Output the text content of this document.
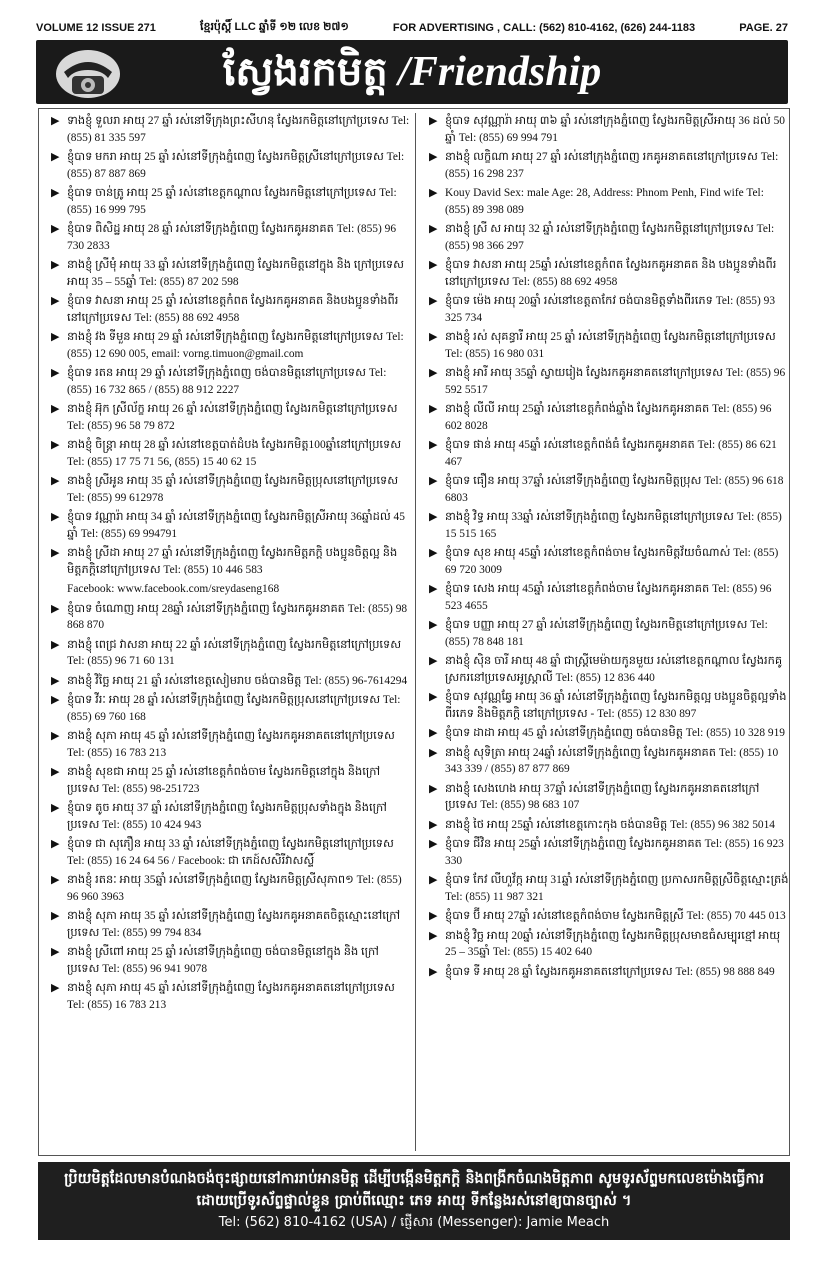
VOLUME 12 ISSUE 271	ខ្មែរប៉ុស្តិ៍ LLC ឆ្នាំទី ១២ លេខ ២៧១	FOR ADVERTISING , CALL: (562) 810-4162, (626) 244-1183	PAGE. 27
ស្វែងរកមិត្ត /Friendship
▶ ទាងខ្ញុំ ទួលរា អាយុ 27 ឆ្នាំ រស់នៅទីក្រុងព្រះសីហនុ ស្វែងរកមិត្តនៅក្រៅប្រទេស Tel: (855) 81 335 597
▶ ខ្ញុំបាទ មករា អាយុ 25 ឆ្នាំ រស់នៅទីក្រុងភ្នំពេញ ស្វែងរកមិត្តស្រីនៅក្រៅប្រទេស Tel: (855) 87 887 869
▶ ខ្ញុំបាទ ចាន់ត្រូ អាយុ 25 ឆ្នាំ រស់នៅខេត្តកណ្ដាល ស្វែងរកមិត្តនៅក្រៅប្រទេស Tel: (855) 16 999 795
▶ ខ្ញុំបាទ ពិសិដ្ឋ អាយុ 28 ឆ្នាំ រស់នៅទីក្រុងភ្នំពេញ ស្វែងរកគូអនាគត Tel: (855) 96 730 2833
▶ នាងខ្ញុំ ស្រីមុំ អាយុ 33 ឆ្នាំ រស់នៅទីក្រុងភ្នំពេញ ស្វែងរកមិត្តនៅក្នុង និង ក្រៅប្រទេស អាយុ 35 – 55ឆ្នាំ Tel: (855) 87 202 598
▶ ខ្ញុំបាទ វាសនា អាយុ 25 ឆ្នាំ រស់នៅខេត្តកំពត ស្វែងរកគូអនាគត និងបងប្អូនទាំងពីរ នៅក្រៅប្រទេស Tel: (855) 88 692 4958
▶ នាងខ្ញុំ វង ទីមួន អាយុ 29 ឆ្នាំ រស់នៅទីក្រុងភ្នំពេញ ស្វែងរកមិត្តនៅក្រៅប្រទេស Tel: (855) 12 690 005, email: vorng.timuon@gmail.com
▶ ខ្ញុំបាទ រតន អាយុ 29 ឆ្នាំ រស់នៅទីក្រុងភ្នំពេញ ចង់បានមិត្តនៅក្រៅប្រទេស Tel: (855) 16 732 865 / (855) 88 912 2227
▶ នាងខ្ញុំ អ៊ុក ស្រីល័ក្ខ អាយុ 26 ឆ្នាំ រស់នៅទីក្រុងភ្នំពេញ ស្វែងរកមិត្តនៅក្រៅប្រទេស Tel: (855) 96 58 79 872
▶ នាងខ្ញុំ ចិន្ត្រា អាយុ 28 ឆ្នាំ រស់នៅខេត្តបាត់ដំបង ស្វែងរកមិត្ត100ឆ្នាំនៅក្រៅប្រទេស Tel: (855) 17 75 71 56, (855) 15 40 62 15
▶ នាងខ្ញុំ ស្រីអូន អាយុ 35 ឆ្នាំ រស់នៅទីក្រុងភ្នំពេញ ស្វែងរកមិត្តប្រុសនៅក្រៅប្រទេស Tel: (855) 99 612978
▶ ខ្ញុំបាទ វណ្ណារ៉ា អាយុ 34 ឆ្នាំ រស់នៅទីក្រុងភ្នំពេញ ស្វែងរកមិត្តស្រីអាយុ 36ឆ្នាំដល់ 45 ឆ្នាំ Tel: (855) 69 994791
▶ នាងខ្ញុំ ស្រីដា អាយុ 27 ឆ្នាំ រស់នៅទីក្រុងភ្នំពេញ ស្វែងរកមិត្តភក្តិ បងប្អូនចិត្តល្អ និងមិត្តភក្តិនៅក្រៅប្រទេស Tel: (855) 10 446 583
Facebook: www.facebook.com/sreydaseng168
▶ ខ្ញុំបាទ ចំណោញ អាយុ 28ឆ្នាំ រស់នៅទីក្រុងភ្នំពេញ ស្វែងរកគូអនាគត Tel: (855) 98 868 870
▶ នាងខ្ញុំ ពេជ្រ វាសនា អាយុ 22 ឆ្នាំ រស់នៅទីក្រុងភ្នំពេញ ស្វែងរកមិត្តនៅក្រៅប្រទេស Tel: (855) 96 71 60 131
▶ នាងខ្ញុំ វិច្ឆៃ អាយុ 21 ឆ្នាំ រស់នៅខេត្តសៀមរាប ចង់បានមិត្ត Tel: (855) 96-7614294
▶ ខ្ញុំបាទ វីរៈ អាយុ 28 ឆ្នាំ រស់នៅទីក្រុងភ្នំពេញ ស្វែងរកមិត្តប្រុសនៅក្រៅប្រទេស Tel: (855) 69 760 168
▶ នាងខ្ញុំ សុភា អាយុ 45 ឆ្នាំ រស់នៅទីក្រុងភ្នំពេញ ស្វែងរកគូអនាគតនៅក្រៅប្រទេស Tel: (855) 16 783 213
▶ នាងខ្ញុំ សុខជា អាយុ 25 ឆ្នាំ រស់នៅខេត្តកំពង់ចាម ស្វែងរកមិត្តនៅក្នុង និងក្រៅប្រទេស Tel: (855) 98-251723
▶ ខ្ញុំបាទ តូច អាយុ 37 ឆ្នាំ រស់នៅទីក្រុងភ្នំពេញ ស្វែងរកមិត្តប្រុសទាំងក្នុង និងក្រៅប្រទេស Tel: (855) 10 424 943
▶ ខ្ញុំបាទ ជា សុភឿន អាយុ 33 ឆ្នាំ រស់នៅទីក្រុងភ្នំពេញ ស្វែងរកមិត្តនៅក្រៅប្រទេស Tel: (855) 16 24 64 56 / Facebook: ជា ភេដ៍សសិរីវាសស្ទិ៍
▶ នាងខ្ញុំ រតនៈ អាយុ 35ឆ្នាំ រស់នៅទីក្រុងភ្នំពេញ ស្វែងរកមិត្តស្រីសុភាព១ Tel: (855) 96 960 3963
▶ នាងខ្ញុំ សុភា អាយុ 35 ឆ្នាំ រស់នៅទីក្រុងភ្នំពេញ ស្វែងរកគូអនាគតចិត្តស្មោះនៅក្រៅប្រទេស Tel: (855) 99 794 834
▶ នាងខ្ញុំ ស្រីពៅ អាយុ 25 ឆ្នាំ រស់នៅទីក្រុងភ្នំពេញ ចង់បានមិត្តនៅក្នុង និង ក្រៅប្រទេស Tel: (855) 96 941 9078
▶ នាងខ្ញុំ សុភា អាយុ 45 ឆ្នាំ រស់នៅទីក្រុងភ្នំពេញ ស្វែងរកគូអនាគតនៅក្រៅប្រទេស Tel: (855) 16 783 213
▶ ខ្ញុំបាទ សុវណ្ណារ៉ា អាយុ ៣៦ ឆ្នាំ រស់នៅក្រុងភ្នំពេញ ស្វែងរកមិត្តស្រីអាយុ 36 ដល់ 50 ឆ្នាំ Tel: (855) 69 994 791
▶ នាងខ្ញុំ លក្ខិណា អាយុ 27 ឆ្នាំ រស់នៅក្រុងភ្នំពេញ រកគូអនាគតនៅក្រៅប្រទេស Tel: (855) 16 298 237
▶ Kouy David Sex: male Age: 28, Address: Phnom Penh, Find wife Tel: (855) 89 398 089
▶ នាងខ្ញុំ ស្រី ស អាយុ 32 ឆ្នាំ រស់នៅទីក្រុងភ្នំពេញ ស្វែងរកមិត្តនៅក្រៅប្រទេស Tel: (855) 98 366 297
▶ ខ្ញុំបាទ វាសនា អាយុ 25ឆ្នាំ រស់នៅខេត្តកំពត ស្វែងរកគូអនាគត និង បងប្អូនទាំងពីរនៅក្រៅប្រទេស Tel: (855) 88 692 4958
▶ ខ្ញុំបាទ ម៉េង អាយុ 20ឆ្នាំ រស់នៅខេត្តតាកែវ ចង់បានមិត្តទាំងពីរភេទ Tel: (855) 93 325 734
▶ នាងខ្ញុំ រស់ សុគន្ធារី អាយុ 25 ឆ្នាំ រស់នៅទីក្រុងភ្នំពេញ ស្វែងរកមិត្តនៅក្រៅប្រទេស Tel: (855) 16 980 031
▶ នាងខ្ញុំ អារី អាយុ 35ឆ្នាំ ស្វាយរៀង ស្វែងរកគូអនាគតនៅក្រៅប្រទេស Tel: (855) 96 592 5517
▶ នាងខ្ញុំ លីលី អាយុ 25ឆ្នាំ រស់នៅខេត្តកំពង់ឆ្នាំង ស្វែងរកគូអនាគត Tel: (855) 96 602 8028
▶ ខ្ញុំបាទ ផាន់ អាយុ 45ឆ្នាំ រស់នៅខេត្តកំពង់ធំ ស្វែងរកគូអនាគត Tel: (855) 86 621 467
▶ ខ្ញុំបាទ ធឿន អាយុ 37ឆ្នាំ រស់នៅទីក្រុងភ្នំពេញ ស្វែងរកមិត្តប្រុស Tel: (855) 96 618 6803
▶ នាងខ្ញុំ វិទ្ធ អាយុ 33ឆ្នាំ រស់នៅទីក្រុងភ្នំពេញ ស្វែងរកមិត្តនៅក្រៅប្រទេស Tel: (855) 15 515 165
▶ ខ្ញុំបាទ សុខ អាយុ 45ឆ្នាំ រស់នៅខេត្តកំពង់ចាម ស្វែងរកមិត្តវ័យចំណាស់ Tel: (855) 69 720 3009
▶ ខ្ញុំបាទ សេង អាយុ 45ឆ្នាំ រស់នៅខេត្តកំពង់ចាម ស្វែងរកគូអនាគត Tel: (855) 96 523 4655
▶ ខ្ញុំបាទ បញ្ញា អាយុ 27 ឆ្នាំ រស់នៅទីក្រុងភ្នំពេញ ស្វែងរកមិត្តនៅក្រៅប្រទេស Tel: (855) 78 848 181
▶ នាងខ្ញុំ ស៊ិន ចារី អាយុ 48 ឆ្នាំ ជាស្ត្រីមេម៉ាយកូនមួយ រស់នៅខេត្តកណ្ដាល ស្វែងរកគូស្រករនៅប្រទេសអូស្ត្រាលី Tel: (855) 12 836 440
▶ ខ្ញុំបាទ សុវណ្ណឆ្វែ អាយុ 36 ឆ្នាំ រស់នៅទីក្រុងភ្នំពេញ ស្វែងរកមិត្តល្អ បងប្អូនចិត្តល្អទាំងពីរភេទ និងមិត្តភក្តិ នៅក្រៅប្រទេស - Tel: (855) 12 830 897
▶ ខ្ញុំបាទ ដាដា អាយុ 45 ឆ្នាំ រស់នៅទីក្រុងភ្នំពេញ ចង់បានមិត្ត Tel: (855) 10 328 919
▶ នាងខ្ញុំ សុទិត្រា អាយុ 24ឆ្នាំ រស់នៅទីក្រុងភ្នំពេញ ស្វែងរកគូអនាគត Tel: (855) 10 343 339 / (855) 87 877 869
▶ នាងខ្ញុំ សេងហេង អាយុ 37ឆ្នាំ រស់នៅទីក្រុងភ្នំពេញ ស្វែងរកគូអនាគតនៅក្រៅប្រទេស Tel: (855) 98 683 107
▶ នាងខ្ញុំ ថៃ អាយុ 25ឆ្នាំ រស់នៅខេត្តកោះកុង ចង់បានមិត្ត Tel: (855) 96 382 5014
▶ ខ្ញុំបាទ ជីវិន អាយុ 25ឆ្នាំ រស់នៅទីក្រុងភ្នំពេញ ស្វែងរកគូអនាគត Tel: (855) 16 923 330
▶ ខ្ញុំបាទ កែវ លីហួវ័ក្ក អាយុ 31ឆ្នាំ រស់នៅទីក្រុងភ្នំពេញ ប្រកាសរកមិត្តស្រីចិត្តស្មោះត្រង់ Tel: (855) 11 987 321
▶ ខ្ញុំបាទ ប៊ី អាយុ 27ឆ្នាំ រស់នៅខេត្តកំពង់ចាម ស្វែងរកមិត្តស្រី Tel: (855) 70 445 013
▶ នាងខ្ញុំ វិច្ឆ អាយុ 20ឆ្នាំ រស់នៅទីក្រុងភ្នំពេញ ស្វែងរកមិត្តប្រុសមាឌធំសម្បុរខ្មៅ អាយុ 25 – 35ឆ្នាំ Tel: (855) 15 402 640
▶ ខ្ញុំបាទ ទី អាយុ 28 ឆ្នាំ ស្វែងរកគូអនាគតនៅក្រៅប្រទេស Tel: (855) 98 888 849
ប្រិយមិត្តដែលមានបំណងចង់ចុះផ្សាយនៅការរាប់អានមិត្ត ដើម្បីបង្កើនមិត្តភក្តិ និងពង្រីកចំណងមិត្តភាព សូមទូរស័ព្ទមកលេខម៉ោងធ្វើការ
ដោយប្រើទូរស័ព្ទផ្ទាល់ខ្លួន ប្រាប់ពីឈ្មោះ ភេទ អាយុ ទីកន្លែងរស់នៅឲ្យបានច្បាស់ ។
Tel: (562) 810-4162 (USA) / ផ្ញើសារ (Messenger): Jamie Meach
